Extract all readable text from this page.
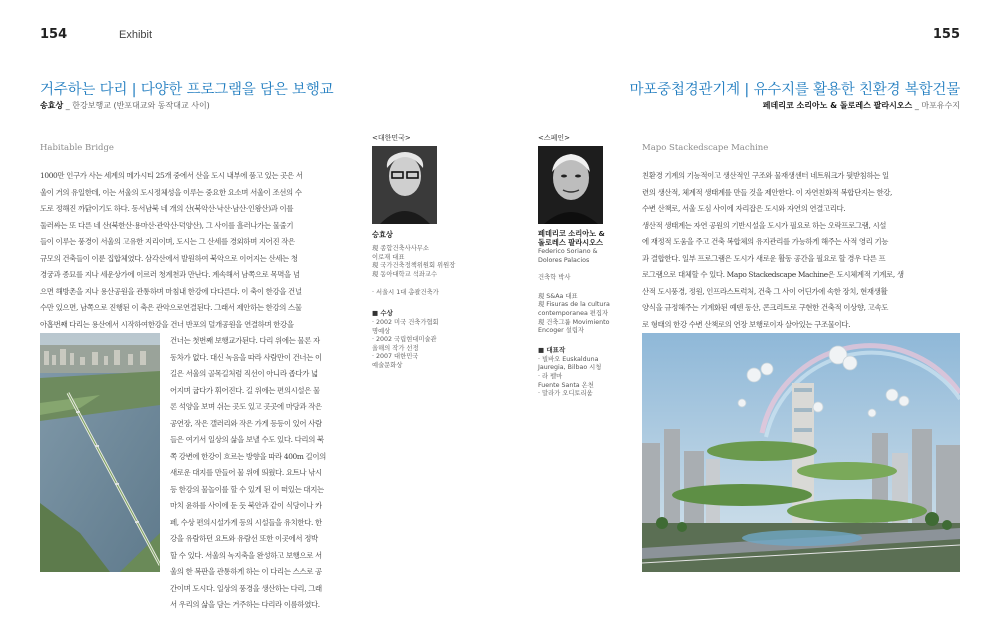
154	Exhibit
거주하는 다리 | 다양한 프로그램을 담은 보행교
송효상 _ 한강보행교 (반포대교와 동작대교 사이)
Habitable Bridge
1000만 인구가 사는 세계의 메가시티 25개 중에서 산을 도시 내부에 품고 있는 곳은 서
울이 거의 유일한데, 이는 서울의 도시정체성을 이루는 중요한 요소며 서울이 조선의 수
도로 정해진 까닭이기도 하다. 동서남북 네 개의 산(북악산·낙산·남산·인왕산)과 이를
둘러싸는 또 다른 네 산(북한산·용마산·관악산·덕양산), 그 사이를 흘러나가는 물줄기
들이 이루는 풍경이 서울의 고유한 지리이며, 도시는 그 산세를 경외하며 지어진 작은
규모의 건축들이 이룬 집합체였다. 삼각산에서 발원하여 북악으로 이어지는 산세는 청
경궁과 종묘를 지나 세운상가에 이르러 청계천과 만난다. 계속해서 남쪽으로 목멱을 넘
으면 해방촌을 지나 용산공원을 관통하며 마침내 한강에 다다른다. 이 축이 한강을 건널
수만 있으면, 남쪽으로 진행된 이 축은 관악으로연결된다. 그래서 제안하는 한강의 스물
아홉번째 다리는 용산에서 시작하여한강을 건너 반포의 덜개공원을 연결하며 한강을
건너는 첫번째 보행교가된다. 다리 위에는 물론 자
동차가 없다. 대신 녹음을 따라 사람만이 건너는 이
길은 서울의 골목길처럼 직선이 아니라 좁다가 넓
어지며 굽다가 휘어진다. 길 위에는 편의시설은 물
론 석양을 보며 쉬는 곳도 있고 곳곳에 마당과 작은
공연장, 작은 갤러리와 작은 가게 등등이 있어 사람
들은 여기서 일상의 삶을 보낼 수도 있다. 다리의 북
쪽 강변에 한강이 흐르는 방향을 따라 400m 길이의
새로운 대지를 만들어 물 위에 띄웠다. 요트나 낚시
등 한강의 물놀이를 할 수 있게 된 이 떠있는 대지는
마치 윤하를 사이에 둔 듯 북안과 같이 식당이나 카
페, 수상 편의시설가게 등의 시설들을 유치한다. 한
강을 유람하던 요트와 유람선 또한 이곳에서 정박
할 수 있다. 서울의 녹지축을 완성하고 보행으로 서
울의 한 복판을 관통하게 하는 이 다리는 스스로 공
간이며 도시다. 일상의 풍경을 생산하는 다리, 그래
서 우리의 삶을 담는 거주하는 다리라 이름하였다.
<대한민국>
승효상
現 종합건축사사무소
이로재 대표
現 국가건축정책위원회 위원장
現 동아대학교 석좌교수
· 서울시 1대 총괄건축가
■ 수상
· 2002 미국 건축가협회
명예상
· 2002 국립현대미술관
올해의 작가 선정
· 2007 대한민국
예술문화상
<스페인>
페데리코 소리아노 &
돌로레스 팔라시오스
Federico Soriano &
Dolores Palacios
건축학 박사
現 S&Aa 대표
現 Fisuras de la cultura
contemporanea 편집자
現 건축그룹 Movimiento
Encoger 설립자
■ 대표작
· 빌바오 Euskalduna
Jauregia, Bilbao 시청
· 라 펠마
Fuente Santa 온천
· 말라가 오디토리움
155
마포중첩경관기계 | 유수지를 활용한 친환경 복합건물
페데리코 소리아노 & 돌로레스 팔라시오스 _ 마포유수지
Mapo Stackedscape Machine
친환경 기계의 기능적이고 생산적인 구조와 물재생센터 네트워크가 뒷받침하는 일
련의 생산적, 체계적 생태계를 만들 것을 제안한다. 이 자연친화적 복합단지는 한강,
수변 산책로, 서울 도심 사이에 자리잡은 도시와 자연의 연결고리다.
생산적 생태계는 자연 공원의 기반시설을 도시가 필요로 하는 오락프로그램, 시설
에 재정적 도움을 주고 건축 복합체의 유지관리를 가능하게 해주는 사적 영리 기능
과 결합한다. 일부 프로그램은 도시가 새로운 활동 공간을 필요로 할 경우 다른 프
로그램으로 대체할 수 있다. Mapo Stackedscape Machine은 도시체계적 기계로, 생
산적 도시풍경, 정원, 인프라스트럭처, 건축 그 사이 어딘가에 속한 장치, 현재생활
양식을 규정해주는 기계화된 예덴 동산, 콘크리트로 구현한 건축적 이상향, 고속도
로 형태의 한강 수변 산책로의 연장 보행로이자 살아있는 구조물이다.
